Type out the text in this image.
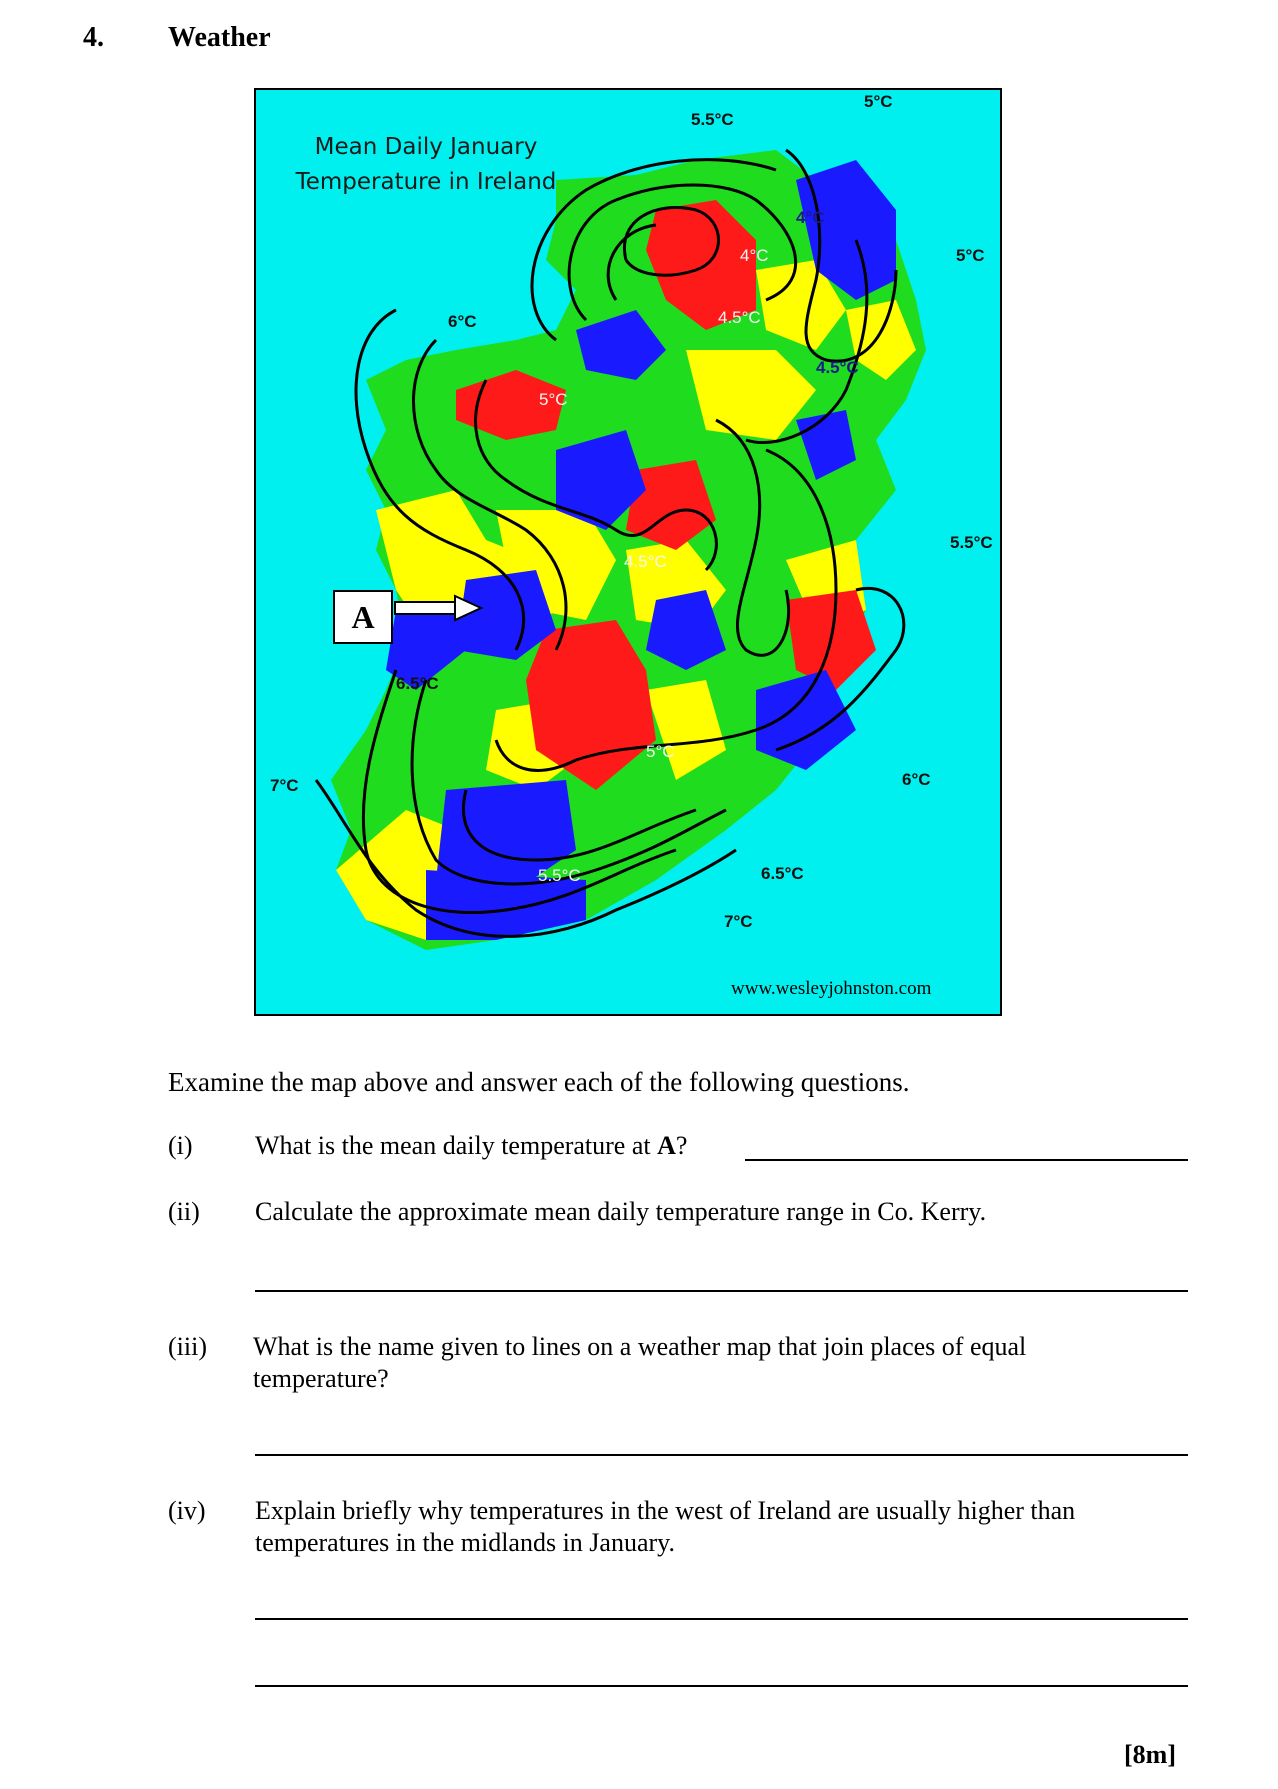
4. Weather
Mean Daily January
Temperature in Ireland
5.5°C
5°C
4°C
4°C	5°C
4.5°C
6°C
4.5°C
5°C
5.5°C
4.5°C
6.5°C
5°C
7°C	6°C
5.5°C	6.5°C
7°C
A
www.wesleyjohnston.com
Examine the map above and answer each of the following questions.
(i) What is the mean daily temperature at A?
(ii) Calculate the approximate mean daily temperature range in Co. Kerry.
(iii) What is the name given to lines on a weather map that join places of equal
temperature?
(iv) Explain briefly why temperatures in the west of Ireland are usually higher than
temperatures in the midlands in January.
[8m]
